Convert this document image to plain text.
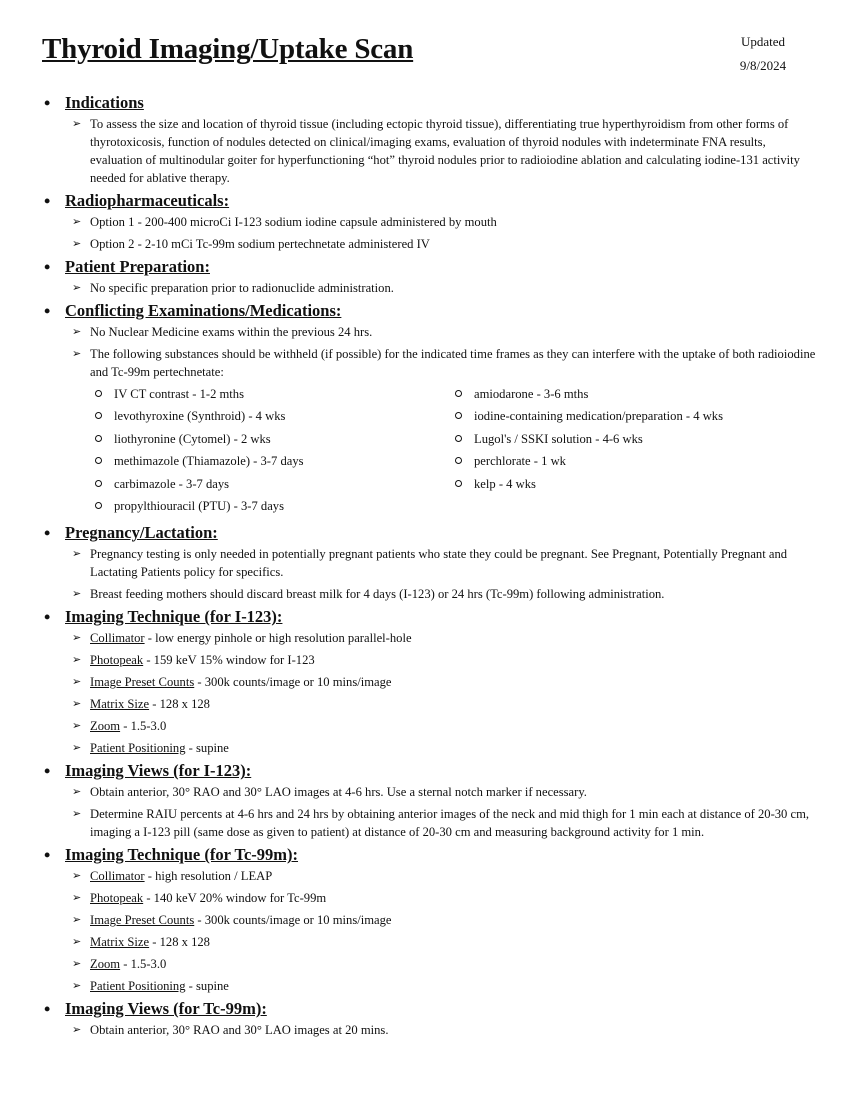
Thyroid Imaging/Uptake Scan	Updated
9/8/2024
• Indications
➢ To assess the size and location of thyroid tissue (including ectopic thyroid tissue), differentiating true hyperthyroidism from other forms of thyrotoxicosis, function of nodules detected on clinical/imaging exams, evaluation of thyroid nodules with indeterminate FNA results, evaluation of multinodular goiter for hyperfunctioning “hot” thyroid nodules prior to radioiodine ablation and calculating iodine-131 activity needed for ablative therapy.
• Radiopharmaceuticals:
➢ Option 1 - 200-400 microCi I-123 sodium iodine capsule administered by mouth
➢ Option 2 - 2-10 mCi Tc-99m sodium pertechnetate administered IV
• Patient Preparation:
➢ No specific preparation prior to radionuclide administration.
• Conflicting Examinations/Medications:
➢ No Nuclear Medicine exams within the previous 24 hrs.
➢ The following substances should be withheld (if possible) for the indicated time frames as they can interfere with the uptake of both radioiodine and Tc-99m pertechnetate:
IV CT contrast - 1-2 mths
levothyroxine (Synthroid) - 4 wks
liothyronine (Cytomel) - 2 wks
methimazole (Thiamazole) - 3-7 days
carbimazole - 3-7 days
propylthiouracil (PTU) - 3-7 days
amiodarone - 3-6 mths
iodine-containing medication/preparation - 4 wks
Lugol's / SSKI solution - 4-6 wks
perchlorate - 1 wk
kelp - 4 wks
• Pregnancy/Lactation:
➢ Pregnancy testing is only needed in potentially pregnant patients who state they could be pregnant. See Pregnant, Potentially Pregnant and Lactating Patients policy for specifics.
➢ Breast feeding mothers should discard breast milk for 4 days (I-123) or 24 hrs (Tc-99m) following administration.
• Imaging Technique (for I-123):
➢ Collimator - low energy pinhole or high resolution parallel-hole
➢ Photopeak - 159 keV 15% window for I-123
➢ Image Preset Counts - 300k counts/image or 10 mins/image
➢ Matrix Size - 128 x 128
➢ Zoom - 1.5-3.0
➢ Patient Positioning - supine
• Imaging Views (for I-123):
➢ Obtain anterior, 30° RAO and 30° LAO images at 4-6 hrs. Use a sternal notch marker if necessary.
➢ Determine RAIU percents at 4-6 hrs and 24 hrs by obtaining anterior images of the neck and mid thigh for 1 min each at distance of 20-30 cm, imaging a I-123 pill (same dose as given to patient) at distance of 20-30 cm and measuring background activity for 1 min.
• Imaging Technique (for Tc-99m):
➢ Collimator - high resolution / LEAP
➢ Photopeak - 140 keV 20% window for Tc-99m
➢ Image Preset Counts - 300k counts/image or 10 mins/image
➢ Matrix Size - 128 x 128
➢ Zoom - 1.5-3.0
➢ Patient Positioning - supine
• Imaging Views (for Tc-99m):
➢ Obtain anterior, 30° RAO and 30° LAO images at 20 mins.
